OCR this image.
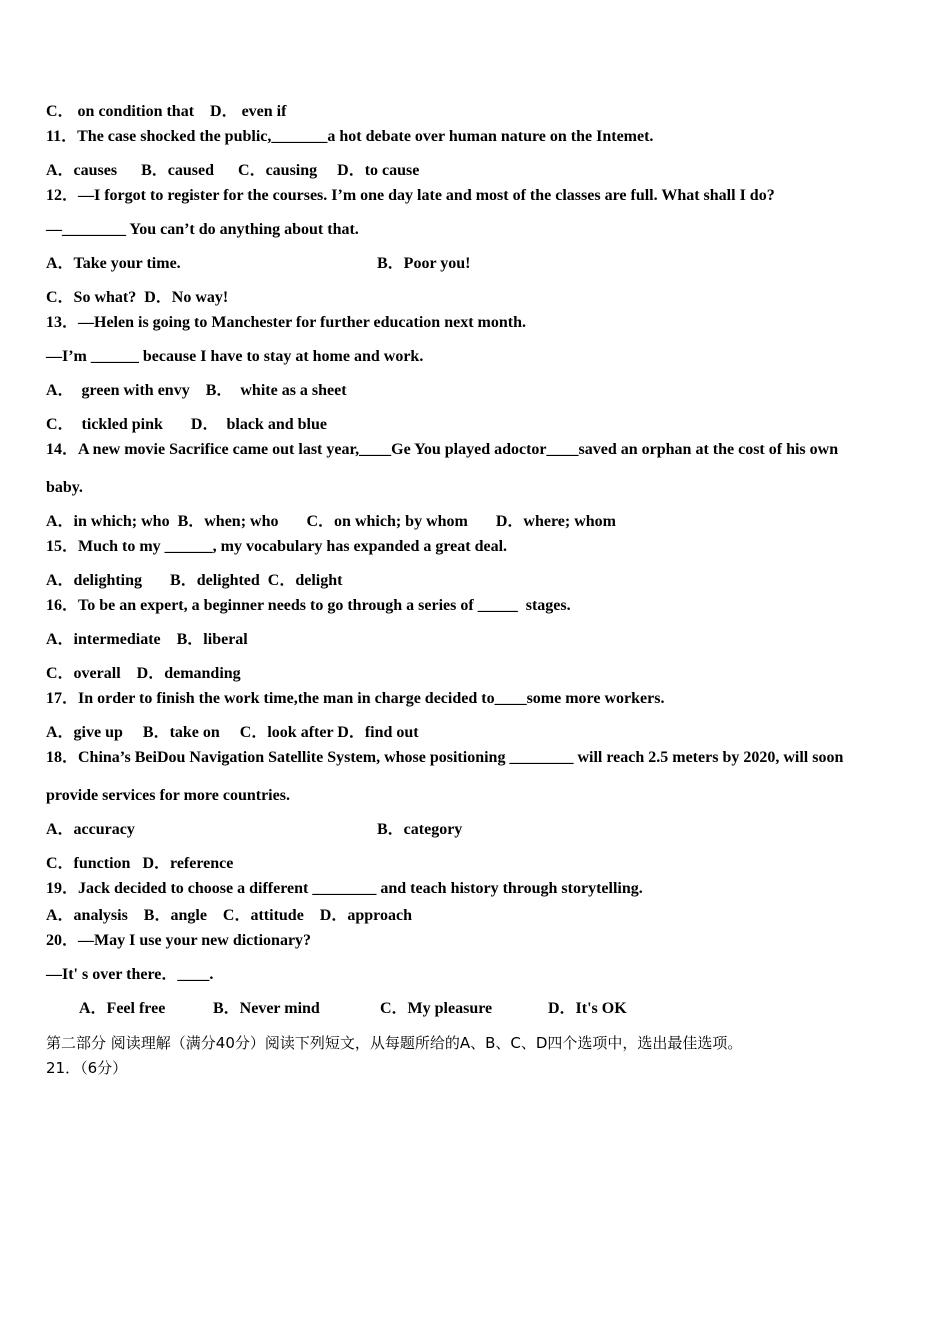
C． on condition that    D． even if
11．The case shocked the public,_______a hot debate over human nature on the Intemet.
A．causes      B．caused      C．causing     D．to cause
12．—I forgot to register for the courses. I’m one day late and most of the classes are full. What shall I do?
—________ You can’t do anything about that.
A．Take your time.	B．Poor you!
C．So what?  D．No way!
13．—Helen is going to Manchester for further education next month.
—I’m ______ because I have to stay at home and work.
A．  green with envy    B．  white as a sheet
C．  tickled pink       D．  black and blue
14．A new movie Sacrifice came out last year,____Ge You played adoctor____saved an orphan at the cost of his own
baby.
A．in which; who  B．when; who       C．on which; by whom       D．where; whom
15．Much to my ______, my vocabulary has expanded a great deal.
A．delighting       B．delighted  C．delight
16．To be an expert, a beginner needs to go through a series of _____  stages.
A．intermediate    B．liberal
C．overall    D．demanding
17．In order to finish the work time,the man in charge decided to____some more workers.
A．give up     B．take on     C．look after D．find out
18．China’s BeiDou Navigation Satellite System, whose positioning ________ will reach 2.5 meters by 2020, will soon
provide services for more countries.
A．accuracy	B．category
C．function   D．reference
19．Jack decided to choose a different ________ and teach history through storytelling.
A．analysis    B．angle    C．attitude    D．approach
20．—May I use your new dictionary?
—It' s over there．____.
A．Feel free	B．Never mind	C．My pleasure	D．It's OK
第二部分 阅读理解（满分40分）阅读下列短文，从每题所给的A、B、C、D四个选项中，选出最佳选项。
21．（6分）
